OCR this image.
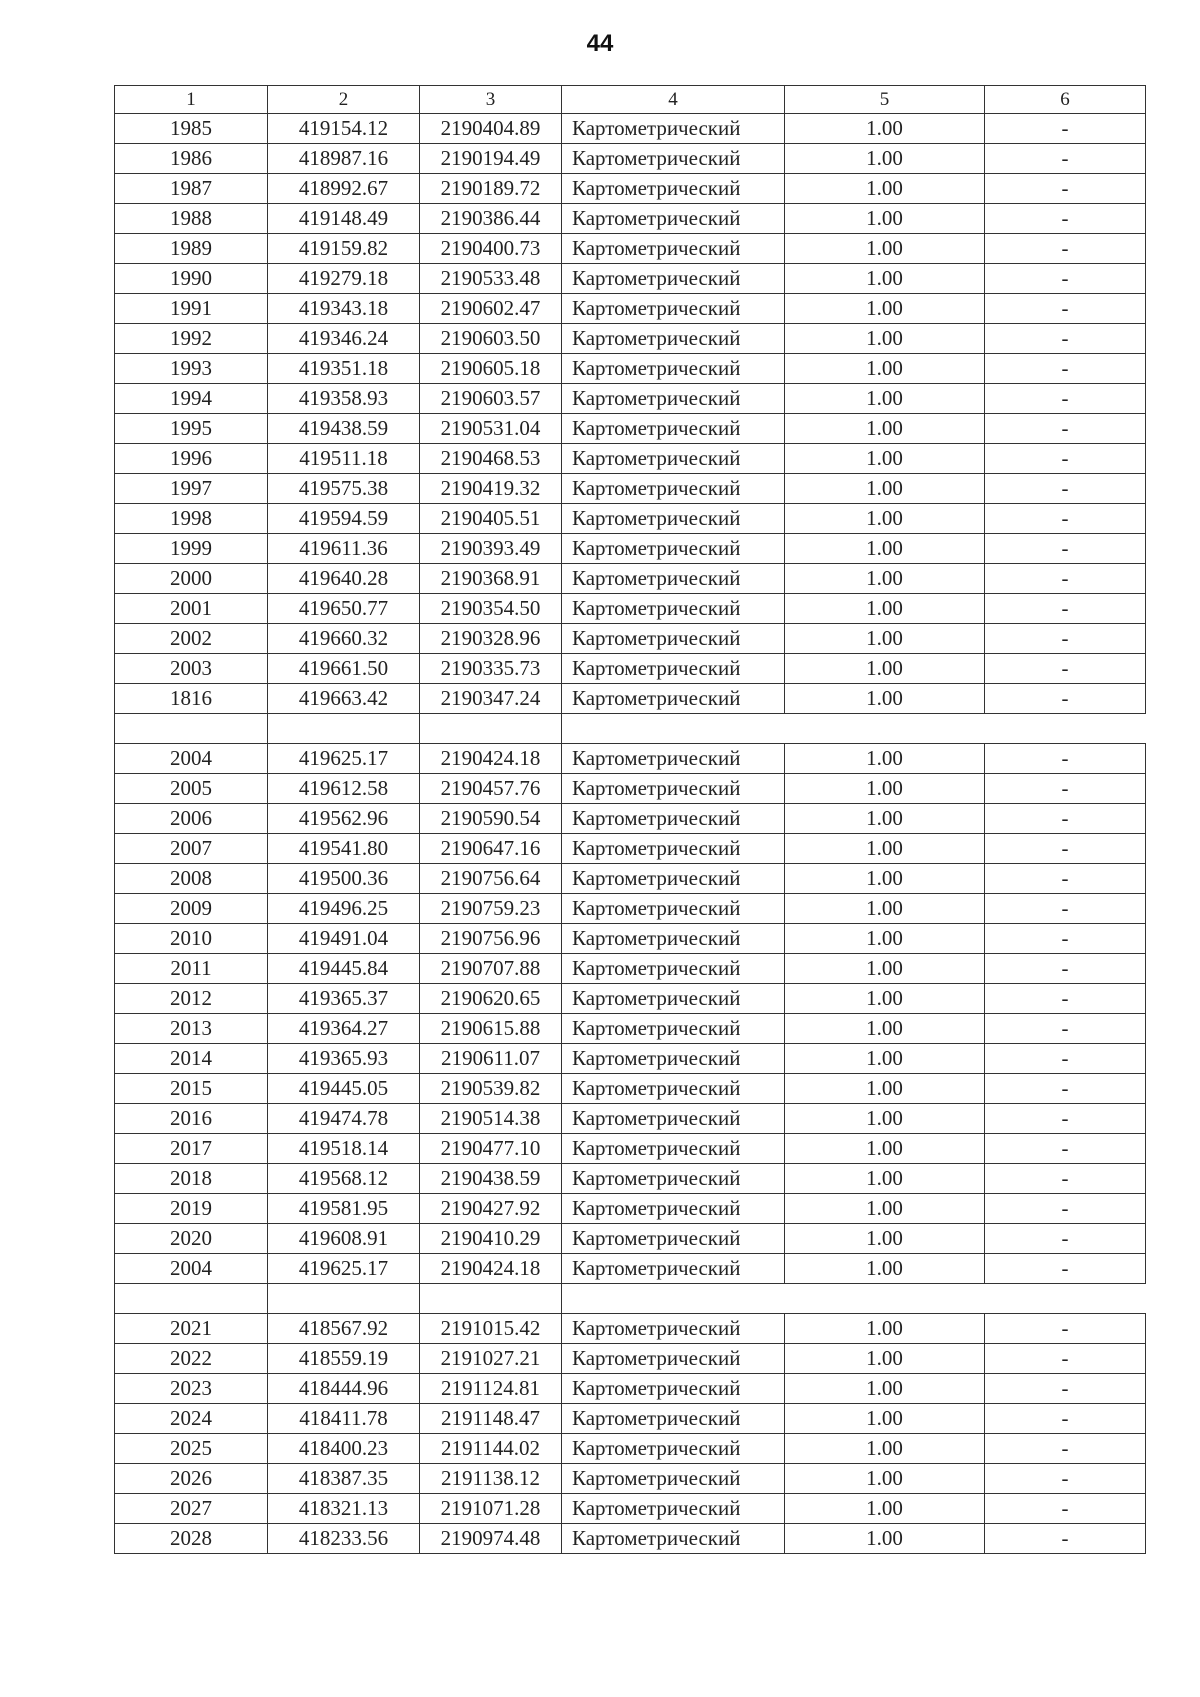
44
1	2	3	4	5	6
1985	419154.12	2190404.89	Картометрический	1.00	-
1986	418987.16	2190194.49	Картометрический	1.00	-
1987	418992.67	2190189.72	Картометрический	1.00	-
1988	419148.49	2190386.44	Картометрический	1.00	-
1989	419159.82	2190400.73	Картометрический	1.00	-
1990	419279.18	2190533.48	Картометрический	1.00	-
1991	419343.18	2190602.47	Картометрический	1.00	-
1992	419346.24	2190603.50	Картометрический	1.00	-
1993	419351.18	2190605.18	Картометрический	1.00	-
1994	419358.93	2190603.57	Картометрический	1.00	-
1995	419438.59	2190531.04	Картометрический	1.00	-
1996	419511.18	2190468.53	Картометрический	1.00	-
1997	419575.38	2190419.32	Картометрический	1.00	-
1998	419594.59	2190405.51	Картометрический	1.00	-
1999	419611.36	2190393.49	Картометрический	1.00	-
2000	419640.28	2190368.91	Картометрический	1.00	-
2001	419650.77	2190354.50	Картометрический	1.00	-
2002	419660.32	2190328.96	Картометрический	1.00	-
2003	419661.50	2190335.73	Картометрический	1.00	-
1816	419663.42	2190347.24	Картометрический	1.00	-

2004	419625.17	2190424.18	Картометрический	1.00	-
2005	419612.58	2190457.76	Картометрический	1.00	-
2006	419562.96	2190590.54	Картометрический	1.00	-
2007	419541.80	2190647.16	Картометрический	1.00	-
2008	419500.36	2190756.64	Картометрический	1.00	-
2009	419496.25	2190759.23	Картометрический	1.00	-
2010	419491.04	2190756.96	Картометрический	1.00	-
2011	419445.84	2190707.88	Картометрический	1.00	-
2012	419365.37	2190620.65	Картометрический	1.00	-
2013	419364.27	2190615.88	Картометрический	1.00	-
2014	419365.93	2190611.07	Картометрический	1.00	-
2015	419445.05	2190539.82	Картометрический	1.00	-
2016	419474.78	2190514.38	Картометрический	1.00	-
2017	419518.14	2190477.10	Картометрический	1.00	-
2018	419568.12	2190438.59	Картометрический	1.00	-
2019	419581.95	2190427.92	Картометрический	1.00	-
2020	419608.91	2190410.29	Картометрический	1.00	-
2004	419625.17	2190424.18	Картометрический	1.00	-

2021	418567.92	2191015.42	Картометрический	1.00	-
2022	418559.19	2191027.21	Картометрический	1.00	-
2023	418444.96	2191124.81	Картометрический	1.00	-
2024	418411.78	2191148.47	Картометрический	1.00	-
2025	418400.23	2191144.02	Картометрический	1.00	-
2026	418387.35	2191138.12	Картометрический	1.00	-
2027	418321.13	2191071.28	Картометрический	1.00	-
2028	418233.56	2190974.48	Картометрический	1.00	-
